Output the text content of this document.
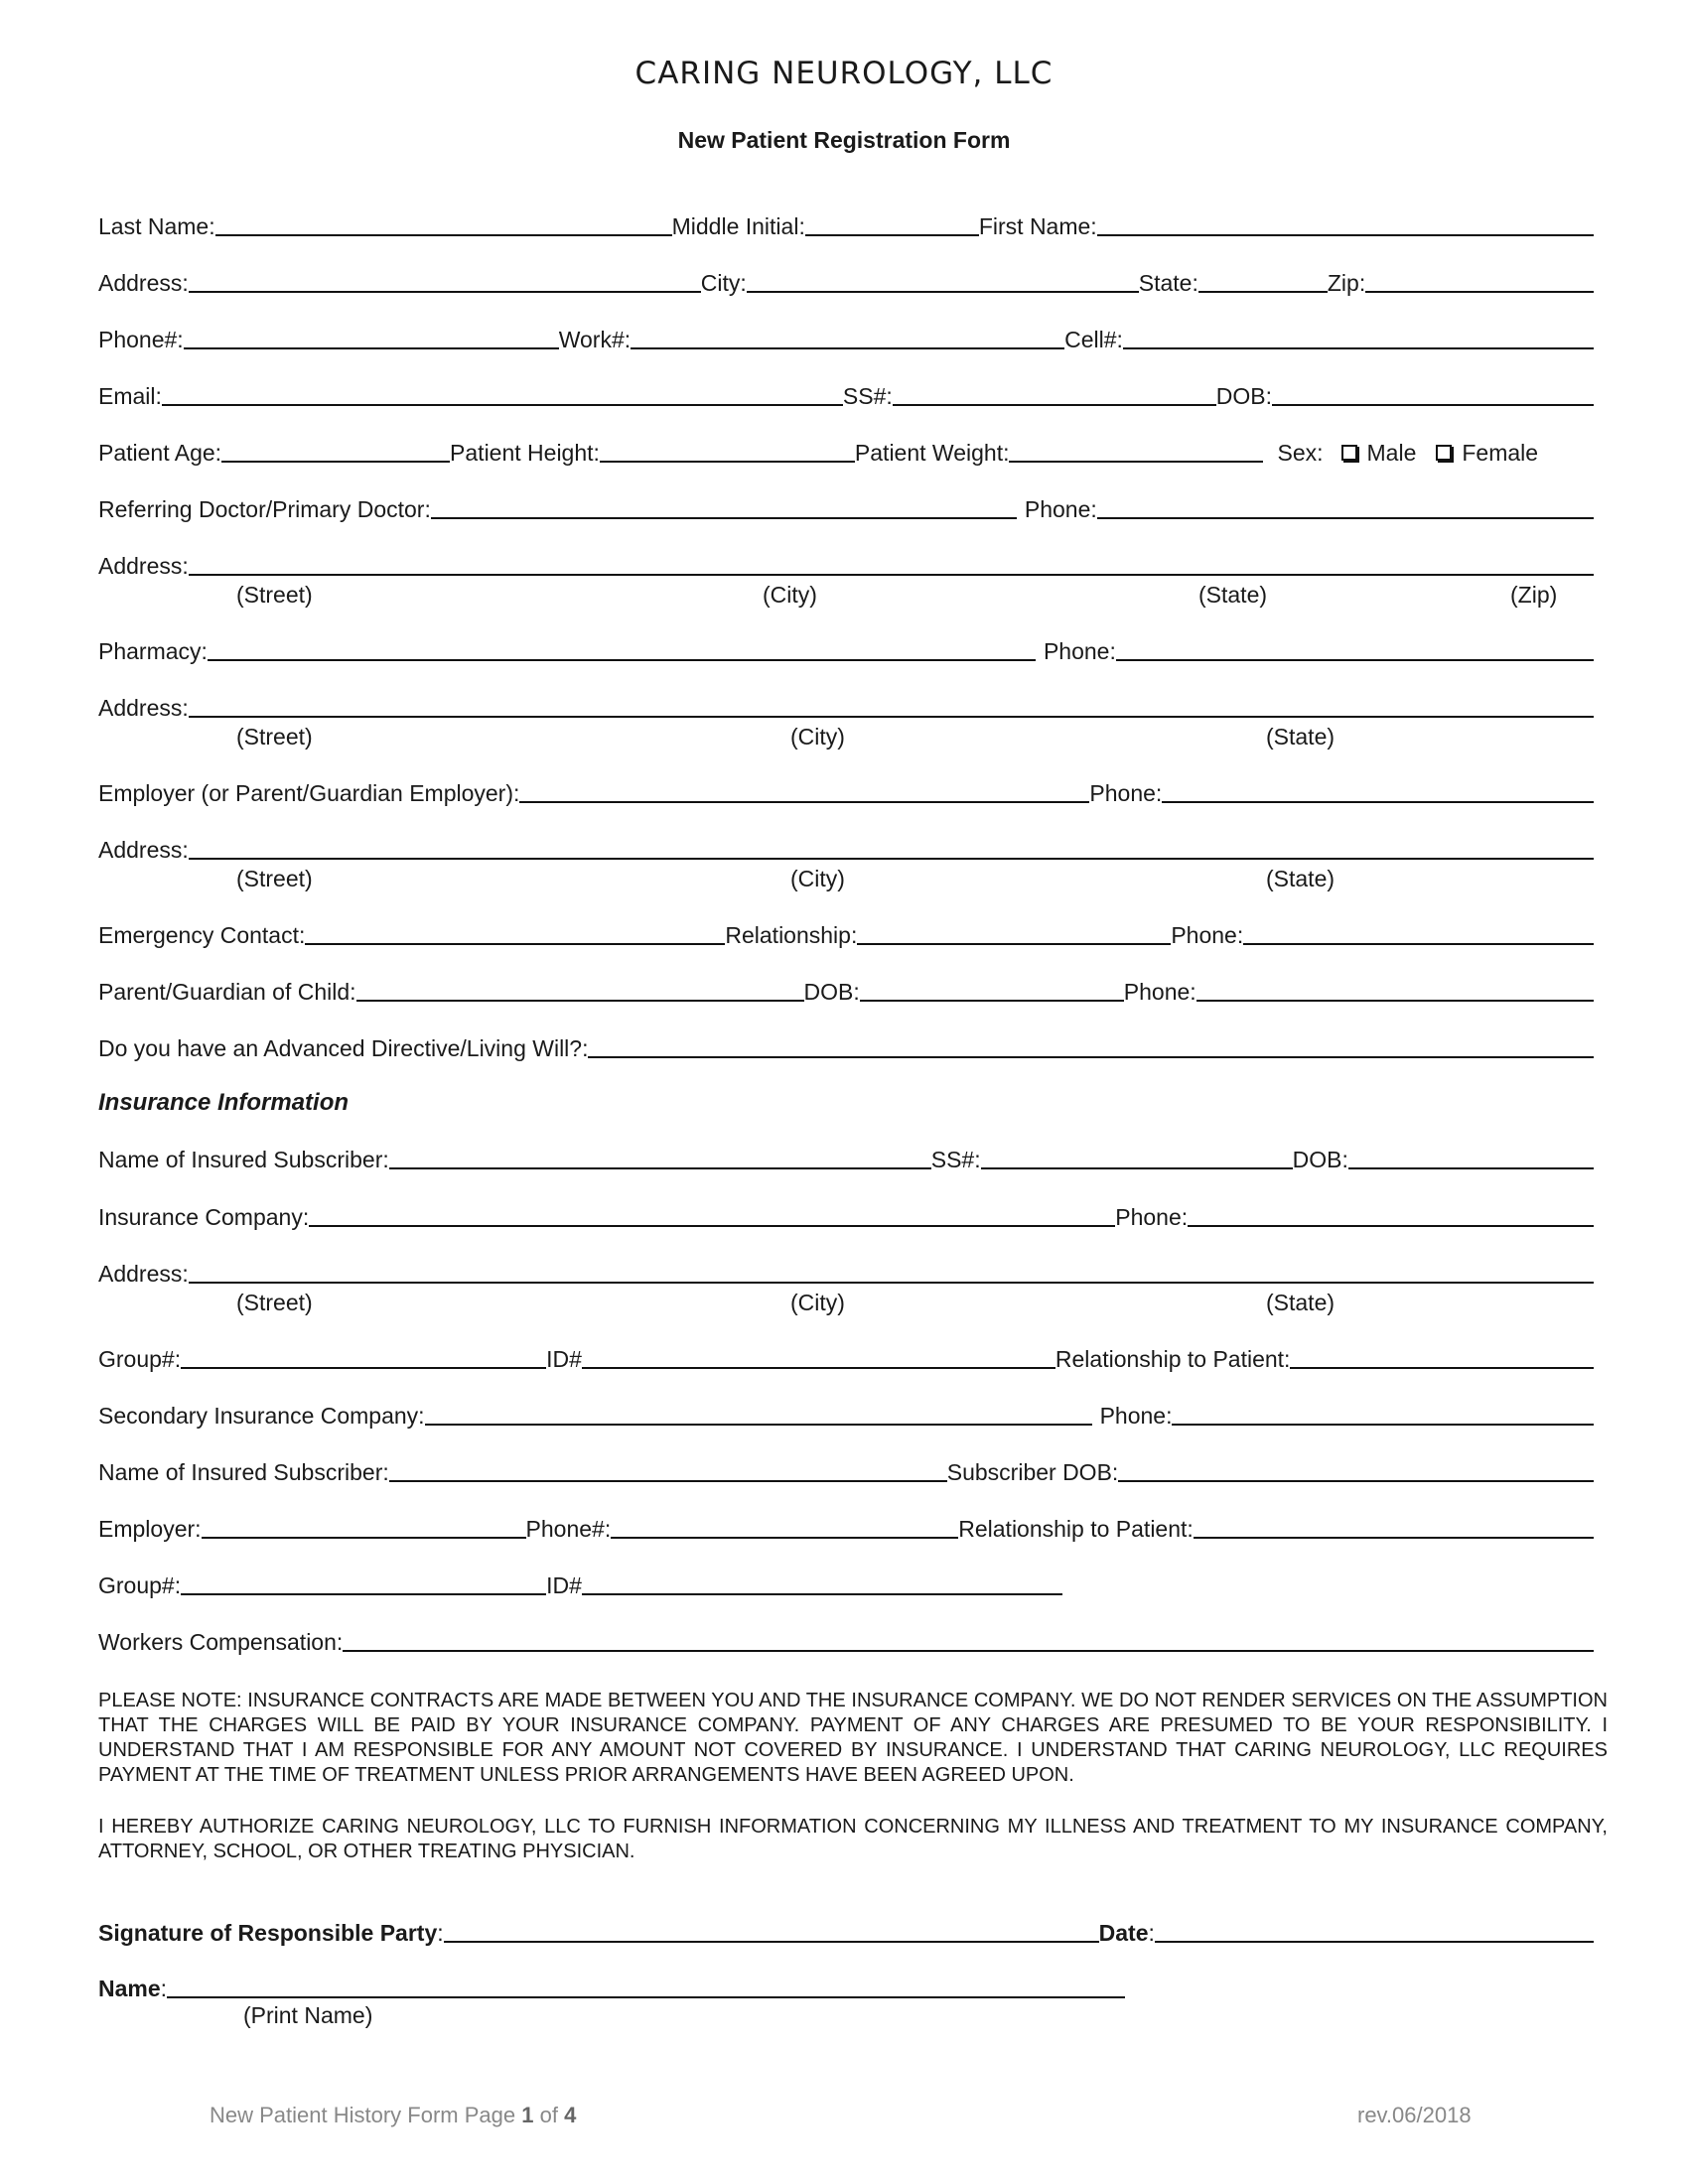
CARING NEUROLOGY, LLC
New Patient Registration Form
Last Name:	Middle Initial:	First Name:
Address:	City:	State:	Zip:
Phone#:	Work#:	Cell#:
Email:	SS#:	DOB:
Patient Age:	Patient Height:	Patient Weight:	Sex: Male Female
Referring Doctor/Primary Doctor:	Phone:
Address:
(Street)	(City)	(State)	(Zip)
Pharmacy:	Phone:
Address:
(Street)	(City)	(State)
Employer (or Parent/Guardian Employer):	Phone:
Address:
(Street)	(City)	(State)
Emergency Contact:	Relationship:	Phone:
Parent/Guardian of Child:	DOB:	Phone:
Do you have an Advanced Directive/Living Will?:
Insurance Information
Name of Insured Subscriber:	SS#:	DOB:
Insurance Company:	Phone:
Address:
(Street)	(City)	(State)
Group#:	ID#	Relationship to Patient:
Secondary Insurance Company:	Phone:
Name of Insured Subscriber:	Subscriber DOB:
Employer:	Phone#:	Relationship to Patient:
Group#:	ID#
Workers Compensation:
PLEASE NOTE: INSURANCE CONTRACTS ARE MADE BETWEEN YOU AND THE INSURANCE COMPANY. WE DO NOT RENDER SERVICES ON THE ASSUMPTION THAT THE CHARGES WILL BE PAID BY YOUR INSURANCE COMPANY. PAYMENT OF ANY CHARGES ARE PRESUMED TO BE YOUR RESPONSIBILITY. I UNDERSTAND THAT I AM RESPONSIBLE FOR ANY AMOUNT NOT COVERED BY INSURANCE. I UNDERSTAND THAT CARING NEUROLOGY, LLC REQUIRES PAYMENT AT THE TIME OF TREATMENT UNLESS PRIOR ARRANGEMENTS HAVE BEEN AGREED UPON.
I HEREBY AUTHORIZE CARING NEUROLOGY, LLC TO FURNISH INFORMATION CONCERNING MY ILLNESS AND TREATMENT TO MY INSURANCE COMPANY, ATTORNEY, SCHOOL, OR OTHER TREATING PHYSICIAN.
Signature of Responsible Party :	Date :
Name :
(Print Name)
New Patient History Form Page 1 of 4	rev.06/2018
